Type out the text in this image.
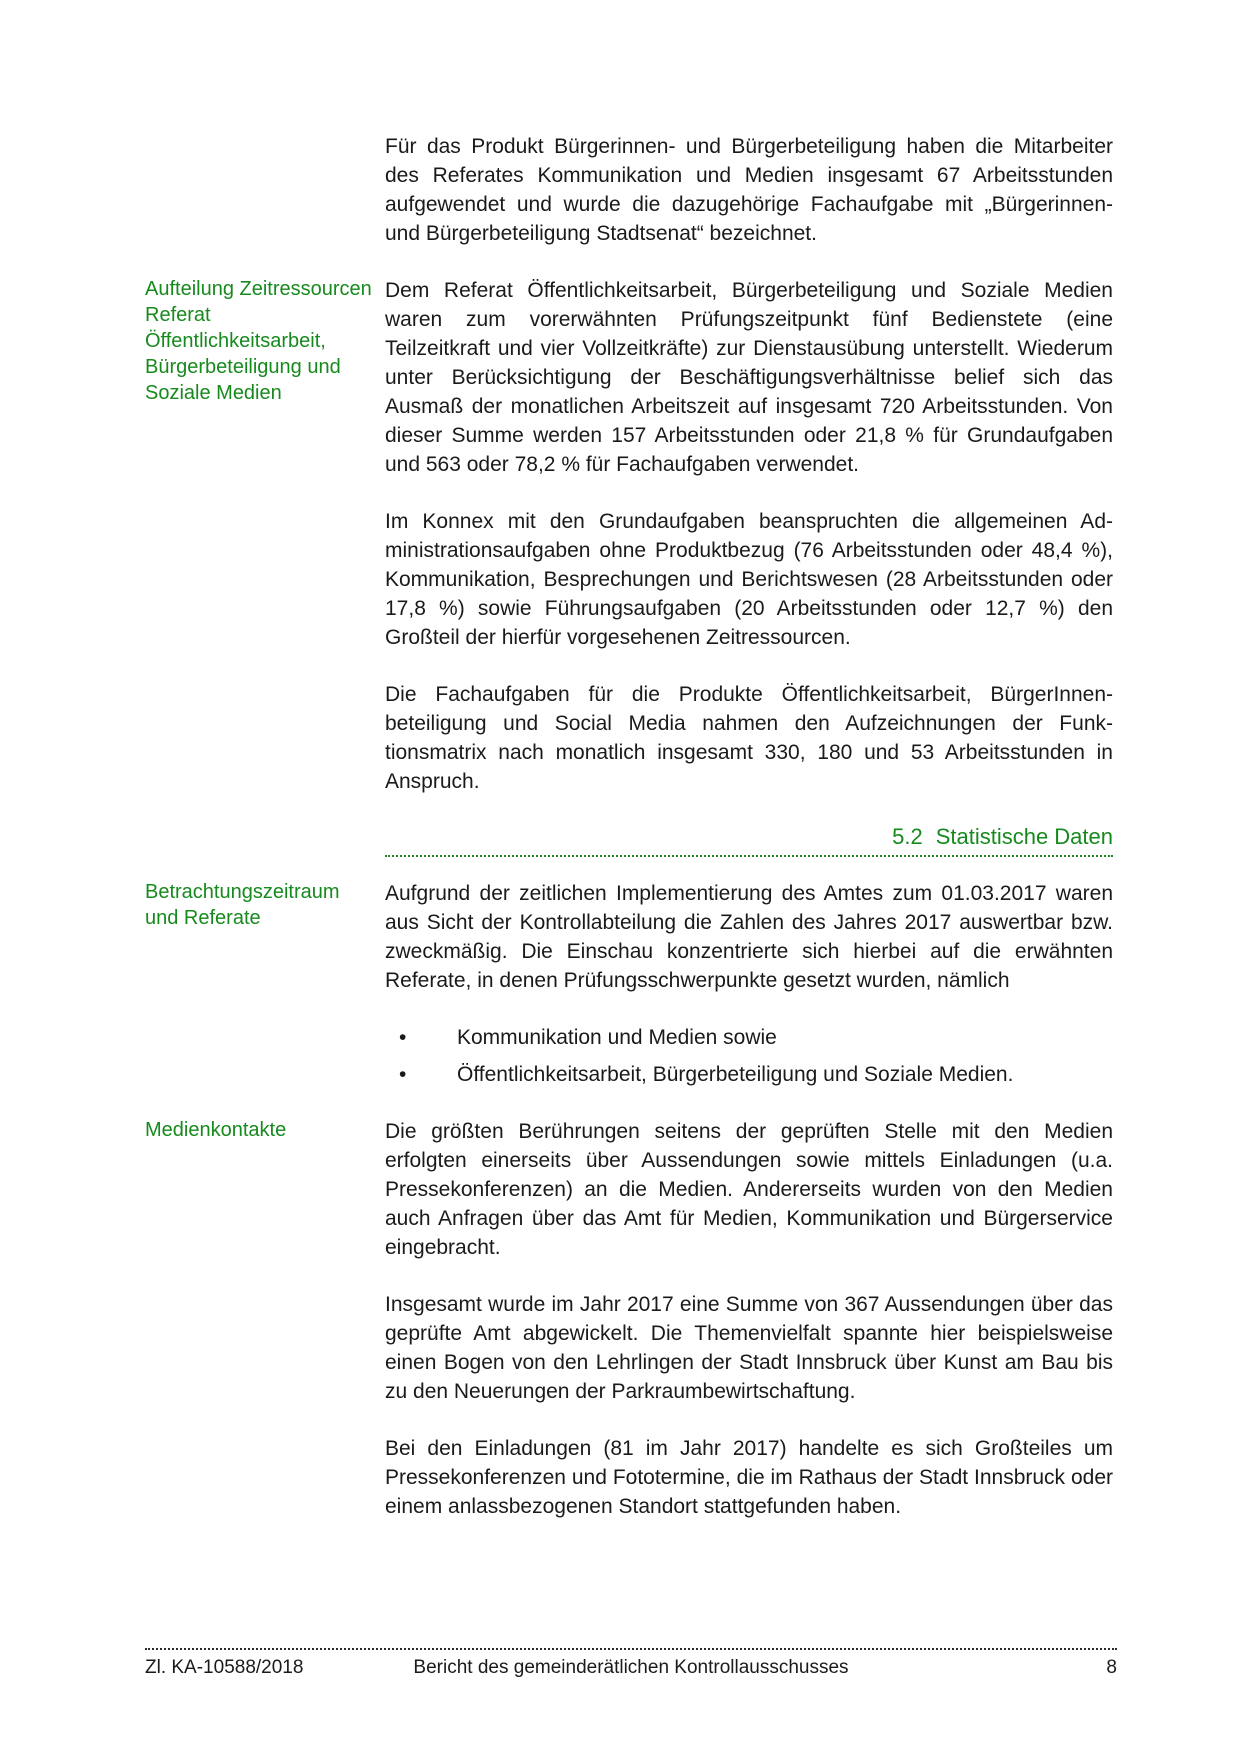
Für das Produkt Bürgerinnen- und Bürgerbeteiligung haben die Mitarbeiter des Referates Kommunikation und Medien insgesamt 67 Arbeitsstunden aufgewendet und wurde die dazugehörige Fachaufgabe mit „Bürgerinnen- und Bürgerbeteiligung Stadtsenat“ bezeichnet.
Aufteilung Zeitressourcen Referat Öffentlichkeitsarbeit, Bürgerbeteiligung und Soziale Medien
Dem Referat Öffentlichkeitsarbeit, Bürgerbeteiligung und Soziale Medien waren zum vorerwähnten Prüfungszeitpunkt fünf Bedienstete (eine Teilzeitkraft und vier Vollzeitkräfte) zur Dienstausübung unterstellt. Wiederum unter Berücksichtigung der Beschäftigungsverhältnisse belief sich das Ausmaß der monatlichen Arbeitszeit auf insgesamt 720 Arbeitsstunden. Von dieser Summe werden 157 Arbeitsstunden oder 21,8 % für Grundaufgaben und 563 oder 78,2 % für Fachaufgaben verwendet.
Im Konnex mit den Grundaufgaben beanspruchten die allgemeinen Administrationsaufgaben ohne Produktbezug (76 Arbeitsstunden oder 48,4 %), Kommunikation, Besprechungen und Berichtswesen (28 Arbeitsstunden oder 17,8 %) sowie Führungsaufgaben (20 Arbeitsstunden oder 12,7 %) den Großteil der hierfür vorgesehenen Zeitressourcen.
Die Fachaufgaben für die Produkte Öffentlichkeitsarbeit, BürgerInnenbeteiligung und Social Media nahmen den Aufzeichnungen der Funktionsmatrix nach monatlich insgesamt 330, 180 und 53 Arbeitsstunden in Anspruch.
5.2 Statistische Daten
Betrachtungszeitraum und Referate
Aufgrund der zeitlichen Implementierung des Amtes zum 01.03.2017 waren aus Sicht der Kontrollabteilung die Zahlen des Jahres 2017 auswertbar bzw. zweckmäßig. Die Einschau konzentrierte sich hierbei auf die erwähnten Referate, in denen Prüfungsschwerpunkte gesetzt wurden, nämlich
•	Kommunikation und Medien sowie
•	Öffentlichkeitsarbeit, Bürgerbeteiligung und Soziale Medien.
Medienkontakte	Die größten Berührungen seitens der geprüften Stelle mit den Medien erfolgten einerseits über Aussendungen sowie mittels Einladungen (u.a. Pressekonferenzen) an die Medien. Andererseits wurden von den Medien auch Anfragen über das Amt für Medien, Kommunikation und Bürgerservice eingebracht.
Insgesamt wurde im Jahr 2017 eine Summe von 367 Aussendungen über das geprüfte Amt abgewickelt. Die Themenvielfalt spannte hier beispielsweise einen Bogen von den Lehrlingen der Stadt Innsbruck über Kunst am Bau bis zu den Neuerungen der Parkraumbewirtschaftung.
Bei den Einladungen (81 im Jahr 2017) handelte es sich Großteiles um Pressekonferenzen und Fototermine, die im Rathaus der Stadt Innsbruck oder einem anlassbezogenen Standort stattgefunden haben.
Zl. KA-10588/2018	Bericht des gemeinderätlichen Kontrollausschusses	8
